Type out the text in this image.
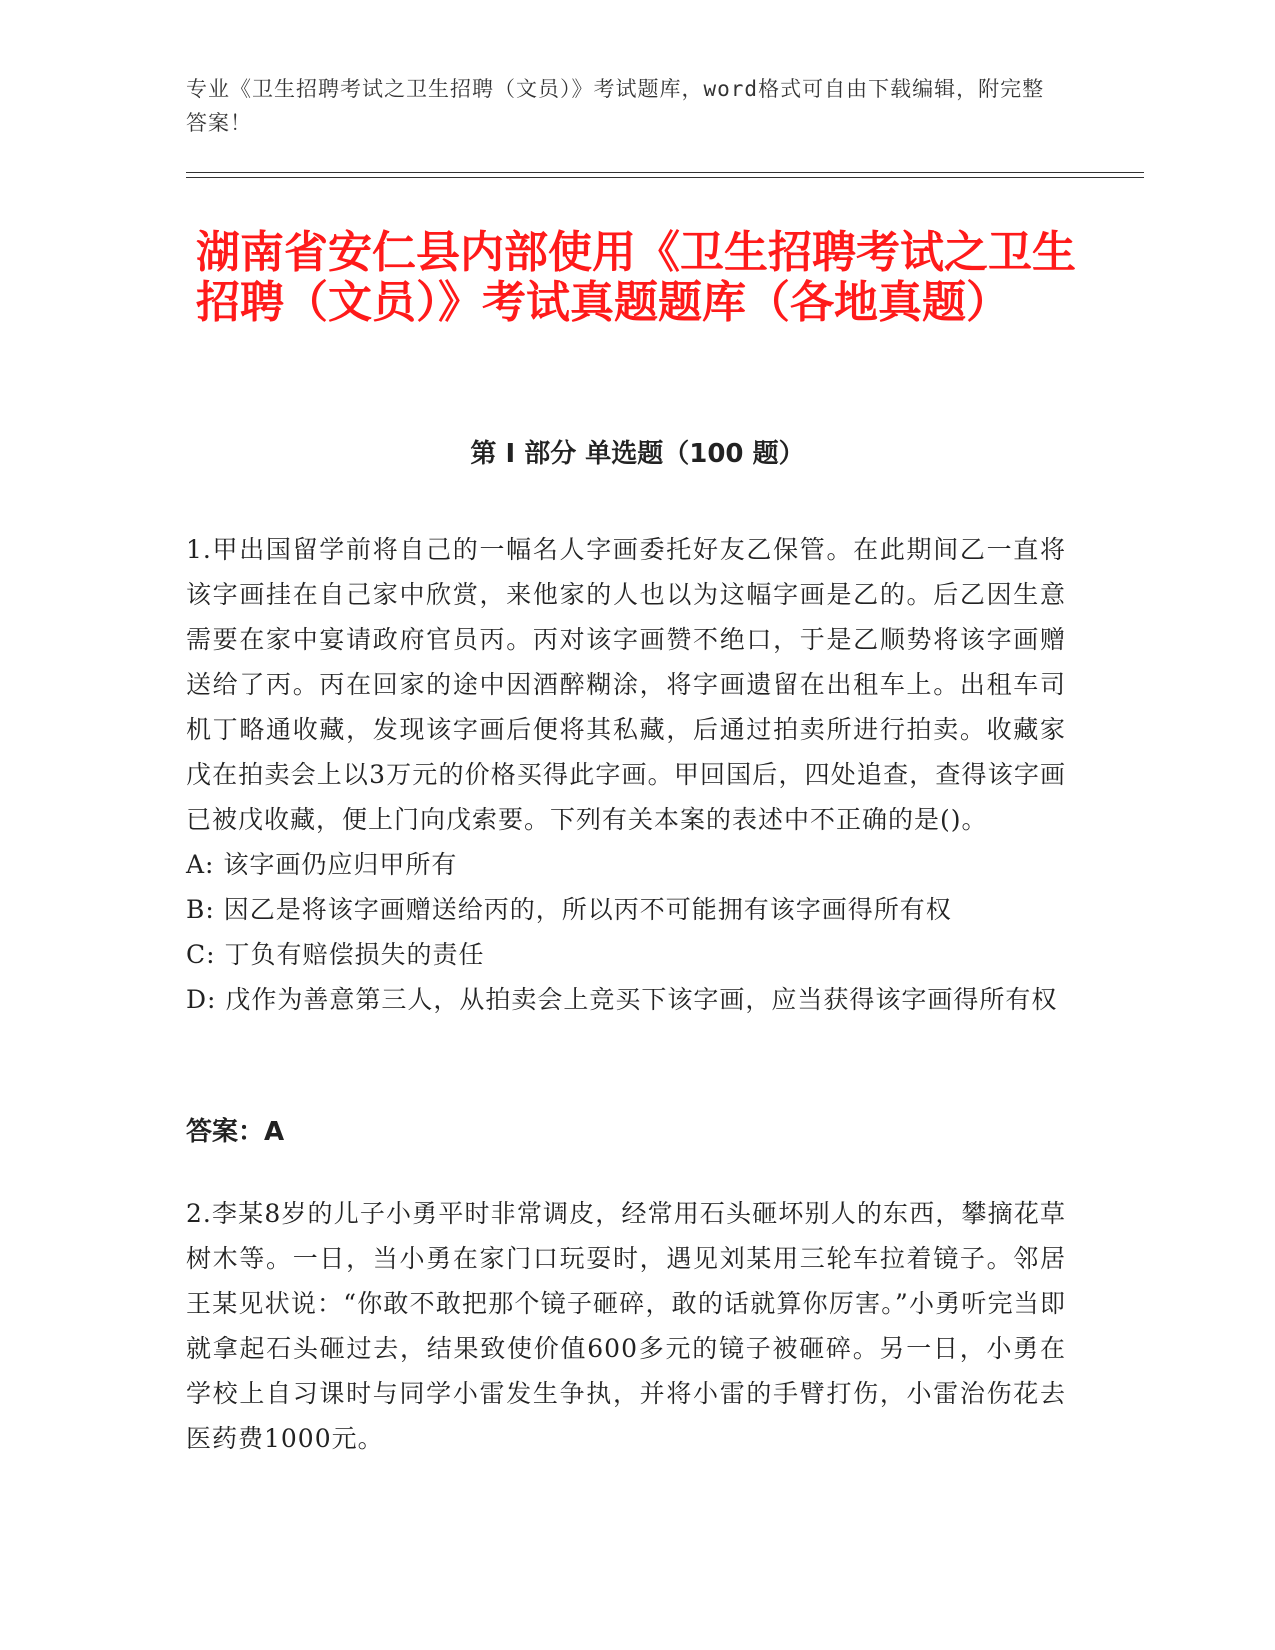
专业《卫生招聘考试之卫生招聘（文员）》考试题库，word格式可自由下载编辑，附完整答案！
湖南省安仁县内部使用《卫生招聘考试之卫生招聘（文员）》考试真题题库（各地真题）
第 I 部分 单选题（100 题）
1.甲出国留学前将自己的一幅名人字画委托好友乙保管。在此期间乙一直将该字画挂在自己家中欣赏，来他家的人也以为这幅字画是乙的。后乙因生意需要在家中宴请政府官员丙。丙对该字画赞不绝口，于是乙顺势将该字画赠送给了丙。丙在回家的途中因酒醉糊涂，将字画遗留在出租车上。出租车司机丁略通收藏，发现该字画后便将其私藏，后通过拍卖所进行拍卖。收藏家戊在拍卖会上以3万元的价格买得此字画。甲回国后，四处追查，查得该字画已被戊收藏，便上门向戊索要。下列有关本案的表述中不正确的是()。
A: 该字画仍应归甲所有
B: 因乙是将该字画赠送给丙的，所以丙不可能拥有该字画得所有权
C: 丁负有赔偿损失的责任
D: 戊作为善意第三人，从拍卖会上竞买下该字画，应当获得该字画得所有权
答案：A
2.李某8岁的儿子小勇平时非常调皮，经常用石头砸坏别人的东西，攀摘花草树木等。一日，当小勇在家门口玩耍时，遇见刘某用三轮车拉着镜子。邻居王某见状说：“你敢不敢把那个镜子砸碎，敢的话就算你厉害。”小勇听完当即就拿起石头砸过去，结果致使价值600多元的镜子被砸碎。另一日，小勇在学校上自习课时与同学小雷发生争执，并将小雷的手臂打伤，小雷治伤花去医药费1000元。
